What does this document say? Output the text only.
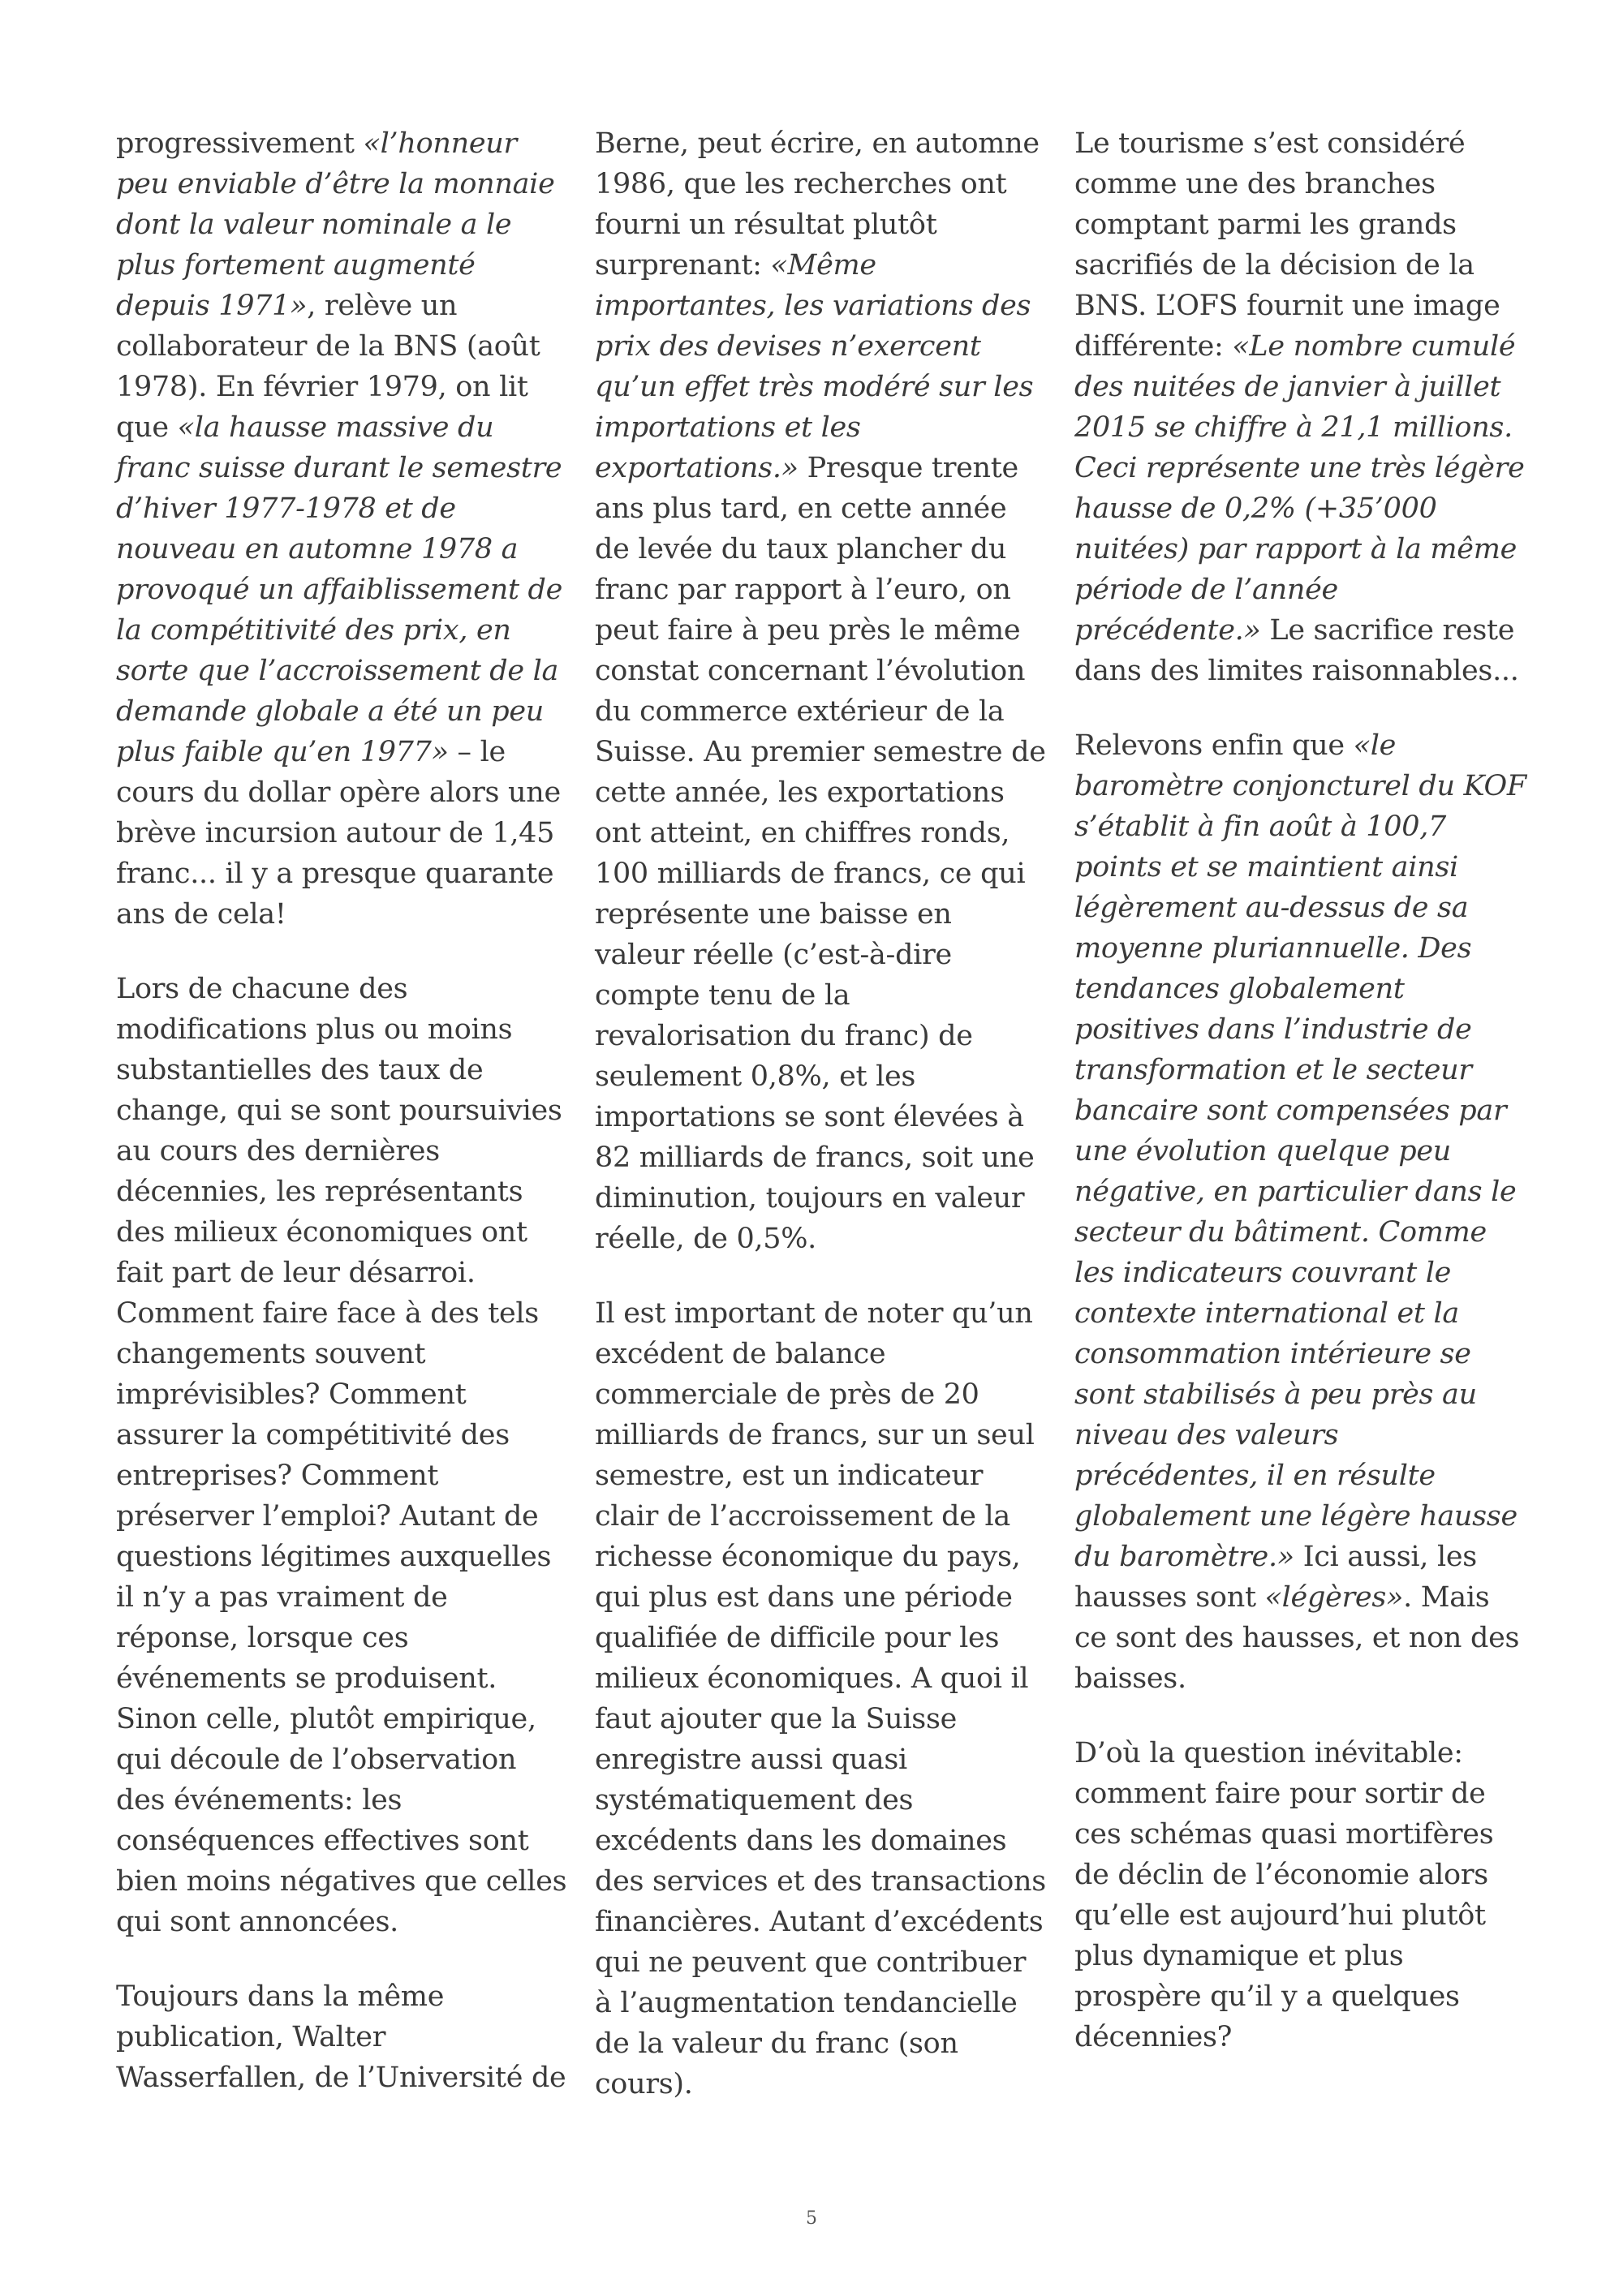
progressivement «l’honneur peu enviable d’être la monnaie dont la valeur nominale a le plus fortement augmenté depuis 1971», relève un collaborateur de la BNS (août 1978). En février 1979, on lit que «la hausse massive du franc suisse durant le semestre d’hiver 1977-1978 et de nouveau en automne 1978 a provoqué un affaiblissement de la compétitivité des prix, en sorte que l’accroissement de la demande globale a été un peu plus faible qu’en 1977» – le cours du dollar opère alors une brève incursion autour de 1,45 franc... il y a presque quarante ans de cela!

Lors de chacune des modifications plus ou moins substantielles des taux de change, qui se sont poursuivies au cours des dernières décennies, les représentants des milieux économiques ont fait part de leur désarroi. Comment faire face à des tels changements souvent imprévisibles? Comment assurer la compétitivité des entreprises? Comment préserver l’emploi? Autant de questions légitimes auxquelles il n’y a pas vraiment de réponse, lorsque ces événements se produisent. Sinon celle, plutôt empirique, qui découle de l’observation des événements: les conséquences effectives sont bien moins négatives que celles qui sont annoncées.

Toujours dans la même publication, Walter Wasserfallen, de l’Université de

Berne, peut écrire, en automne 1986, que les recherches ont fourni un résultat plutôt surprenant: «Même importantes, les variations des prix des devises n’exercent qu’un effet très modéré sur les importations et les exportations.» Presque trente ans plus tard, en cette année de levée du taux plancher du franc par rapport à l’euro, on peut faire à peu près le même constat concernant l’évolution du commerce extérieur de la Suisse. Au premier semestre de cette année, les exportations ont atteint, en chiffres ronds, 100 milliards de francs, ce qui représente une baisse en valeur réelle (c’est-à-dire compte tenu de la revalorisation du franc) de seulement 0,8%, et les importations se sont élevées à 82 milliards de francs, soit une diminution, toujours en valeur réelle, de 0,5%.

Il est important de noter qu’un excédent de balance commerciale de près de 20 milliards de francs, sur un seul semestre, est un indicateur clair de l’accroissement de la richesse économique du pays, qui plus est dans une période qualifiée de difficile pour les milieux économiques. A quoi il faut ajouter que la Suisse enregistre aussi quasi systématiquement des excédents dans les domaines des services et des transactions financières. Autant d’excédents qui ne peuvent que contribuer à l’augmentation tendancielle de la valeur du franc (son cours).

Le tourisme s’est considéré comme une des branches comptant parmi les grands sacrifiés de la décision de la BNS. L’OFS fournit une image différente: «Le nombre cumulé des nuitées de janvier à juillet 2015 se chiffre à 21,1 millions. Ceci représente une très légère hausse de 0,2% (+35’000 nuitées) par rapport à la même période de l’année précédente.» Le sacrifice reste dans des limites raisonnables...

Relevons enfin que «le baromètre conjoncturel du KOF s’établit à fin août à 100,7 points et se maintient ainsi légèrement au-dessus de sa moyenne pluriannuelle. Des tendances globalement positives dans l’industrie de transformation et le secteur bancaire sont compensées par une évolution quelque peu négative, en particulier dans le secteur du bâtiment. Comme les indicateurs couvrant le contexte international et la consommation intérieure se sont stabilisés à peu près au niveau des valeurs précédentes, il en résulte globalement une légère hausse du baromètre.» Ici aussi, les hausses sont «légères». Mais ce sont des hausses, et non des baisses.

D’où la question inévitable: comment faire pour sortir de ces schémas quasi mortifères de déclin de l’économie alors qu’elle est aujourd’hui plutôt plus dynamique et plus prospère qu’il y a quelques décennies?

5
